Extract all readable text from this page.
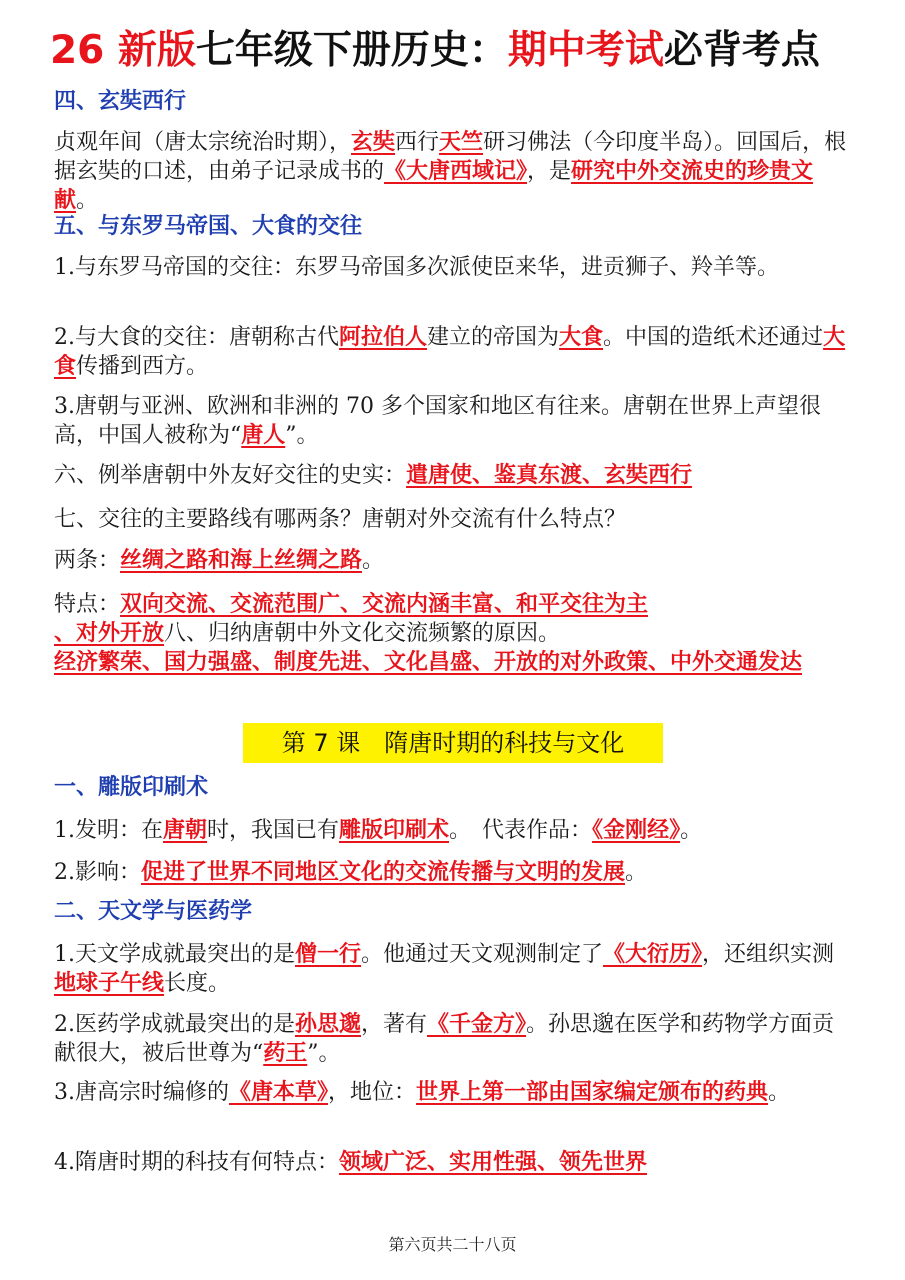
26 新版七年级下册历史：期中考试必背考点
四、玄奘西行
贞观年间（唐太宗统治时期），玄奘西行天竺研习佛法（今印度半岛）。回国后，根据玄奘的口述，由弟子记录成书的《大唐西域记》，是研究中外交流史的珍贵文献。
五、与东罗马帝国、大食的交往
1.与东罗马帝国的交往：东罗马帝国多次派使臣来华，进贡狮子、羚羊等。
2.与大食的交往：唐朝称古代阿拉伯人建立的帝国为大食。中国的造纸术还通过大食传播到西方。
3.唐朝与亚洲、欧洲和非洲的 70 多个国家和地区有往来。唐朝在世界上声望很高，中国人被称为“唐人”。
六、例举唐朝中外友好交往的史实：遣唐使、鉴真东渡、玄奘西行
七、交往的主要路线有哪两条？唐朝对外交流有什么特点？
两条：丝绸之路和海上丝绸之路。
特点：双向交流、交流范围广、交流内涵丰富、和平交往为主
、对外开放八、归纳唐朝中外文化交流频繁的原因。
经济繁荣、国力强盛、制度先进、文化昌盛、开放的对外政策、中外交通发达
第 7 课　隋唐时期的科技与文化
一、雕版印刷术
1.发明：在唐朝时，我国已有雕版印刷术。　代表作品：《金刚经》。
2.影响：促进了世界不同地区文化的交流传播与文明的发展。
二、天文学与医药学
1.天文学成就最突出的是僧一行。他通过天文观测制定了《大衍历》，还组织实测地球子午线长度。
2.医药学成就最突出的是孙思邈，著有《千金方》。孙思邈在医学和药物学方面贡献很大，被后世尊为“药王”。
3.唐高宗时编修的《唐本草》，地位：世界上第一部由国家编定颁布的药典。
4.隋唐时期的科技有何特点：领域广泛、实用性强、领先世界
第六页共二十八页
